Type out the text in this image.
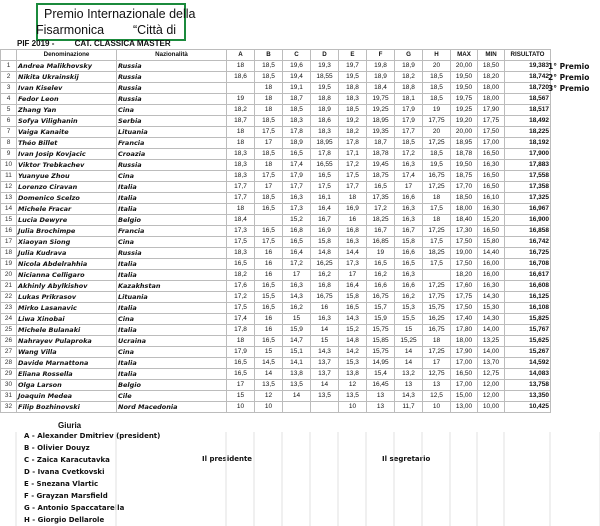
Premio Internazionale della
Fisarmonica “Città di
PIF 2019 -	CAT. CLASSICA MASTER
	Denominazione	Nazionalità	A	B	C	D	E	F	G	H	MAX	MIN	RISULTATO
1	Andrea Malikhovsky	Russia	18	18,5	19,6	19,3	19,7	19,8	18,9	20	20,00	18,50	19,383
2	Nikita Ukrainskij	Russia	18,6	18,5	19,4	18,55	19,5	18,9	18,2	18,5	19,50	18,20	18,742
3	Ivan Kiselev	Russia		18	19,1	19,5	18,8	18,4	18,8	18,5	19,50	18,00	18,720
4	Fedor Leon	Russia	19	18	18,7	18,8	18,3	19,75	18,1	18,5	19,75	18,00	18,567
5	Zhang Yan	Cina	18,2	18	18,5	18,9	18,5	19,25	17,9	19	19,25	17,90	18,517
6	Sofya Vilighanin	Serbia	18,7	18,5	18,3	18,6	19,2	18,95	17,9	17,75	19,20	17,75	18,492
7	Vaiga Kanaite	Lituania	18	17,5	17,8	18,3	18,2	19,35	17,7	20	20,00	17,50	18,225
8	Théo Billet	Francia	18	17	18,9	18,95	17,8	18,7	18,5	17,25	18,95	17,00	18,192
9	Ivan Josip Kovjacic	Croazia	18,3	18,5	16,5	17,8	17,1	18,78	17,2	18,5	18,78	16,50	17,900
10	Viktor Trebkachev	Russia	18,3	18	17,4	16,55	17,2	19,45	16,3	19,5	19,50	16,30	17,883
11	Yuanyue Zhou	Cina	18,3	17,5	17,9	16,5	17,5	18,75	17,4	16,75	18,75	16,50	17,558
12	Lorenzo Ciravan	Italia	17,7	17	17,7	17,5	17,7	16,5	17	17,25	17,70	16,50	17,358
13	Domenico Scelzo	Italia	17,7	18,5	16,3	16,1	18	17,35	16,6	18	18,50	16,10	17,325
14	Michele Fracar	Italia	18	16,5	17,3	16,4	16,9	17,2	16,3	17,5	18,00	16,30	16,967
15	Lucia Dewyre	Belgio	18,4		15,2	16,7	16	18,25	16,3	18	18,40	15,20	16,900
16	Julia Brochimpe	Francia	17,3	16,5	16,8	16,9	16,8	16,7	16,7	17,25	17,30	16,50	16,858
17	Xiaoyan Siong	Cina	17,5	17,5	16,5	15,8	16,3	16,85	15,8	17,5	17,50	15,80	16,742
18	Julia Kudrava	Russia	18,3	16	16,4	14,8	14,4	19	16,6	18,25	19,00	14,40	16,725
19	Nicola Abdelrahhia	Italia	16,5	16	17,2	16,25	17,3	16,5	16,5	17,5	17,50	16,00	16,708
20	Nicianna Celligaro	Italia	18,2	16	17	16,2	17	16,2	16,3		18,20	16,00	16,617
21	Akhinly Abylkishov	Kazakhstan	17,6	16,5	16,3	16,8	16,4	16,6	16,6	17,25	17,60	16,30	16,608
22	Lukas Prikrasov	Lituania	17,2	15,5	14,3	16,75	15,8	16,75	16,2	17,75	17,75	14,30	16,125
23	Mirko Lasanavic	Italia	17,5	16,5	16,2	16	16,5	15,7	15,3	15,75	17,50	15,30	16,108
24	Liwa Xinobai	Cina	17,4	16	15	16,3	14,3	15,9	15,5	16,25	17,40	14,30	15,825
25	Michele Bulanaki	Italia	17,8	16	15,9	14	15,2	15,75	15	16,75	17,80	14,00	15,767
26	Nahrayev Pulaproka	Ucraina	18	16,5	14,7	15	14,8	15,85	15,25	18	18,00	13,25	15,625
27	Wang Villa	Cina	17,9	15	15,1	14,3	14,2	15,75	14	17,25	17,90	14,00	15,267
28	Davide Marnattona	Italia	16,5	14,5	14,1	13,7	15,3	14,95	14	17	17,00	13,70	14,592
29	Eliana Rossella	Italia	16,5	14	13,8	13,7	13,8	15,4	13,2	12,75	16,50	12,75	14,083
30	Olga Larson	Belgio	17	13,5	13,5	14	12	16,45	13	13	17,00	12,00	13,758
31	Joaquin Medea	Cile	15	12	14	13,5	13,5	13	14,3	12,5	15,00	12,00	13,350
32	Filip Bozhinovski	Nord Macedonia	10	10			10	13	11,7	10	13,00	10,00	10,425
1° Premio
2° Premio
3° Premio
Giuria
A - Alexander Dmitriev (president)
B - Olivier Douyz
C - Zaica Karacutavka
D - Ivana Cvetkovski
E - Snezana Vlartic
F - Grayzan Marsfield
G - Antonio Spaccatarella
H - Giorgio Dellarole
Il presidente	Il segretario
